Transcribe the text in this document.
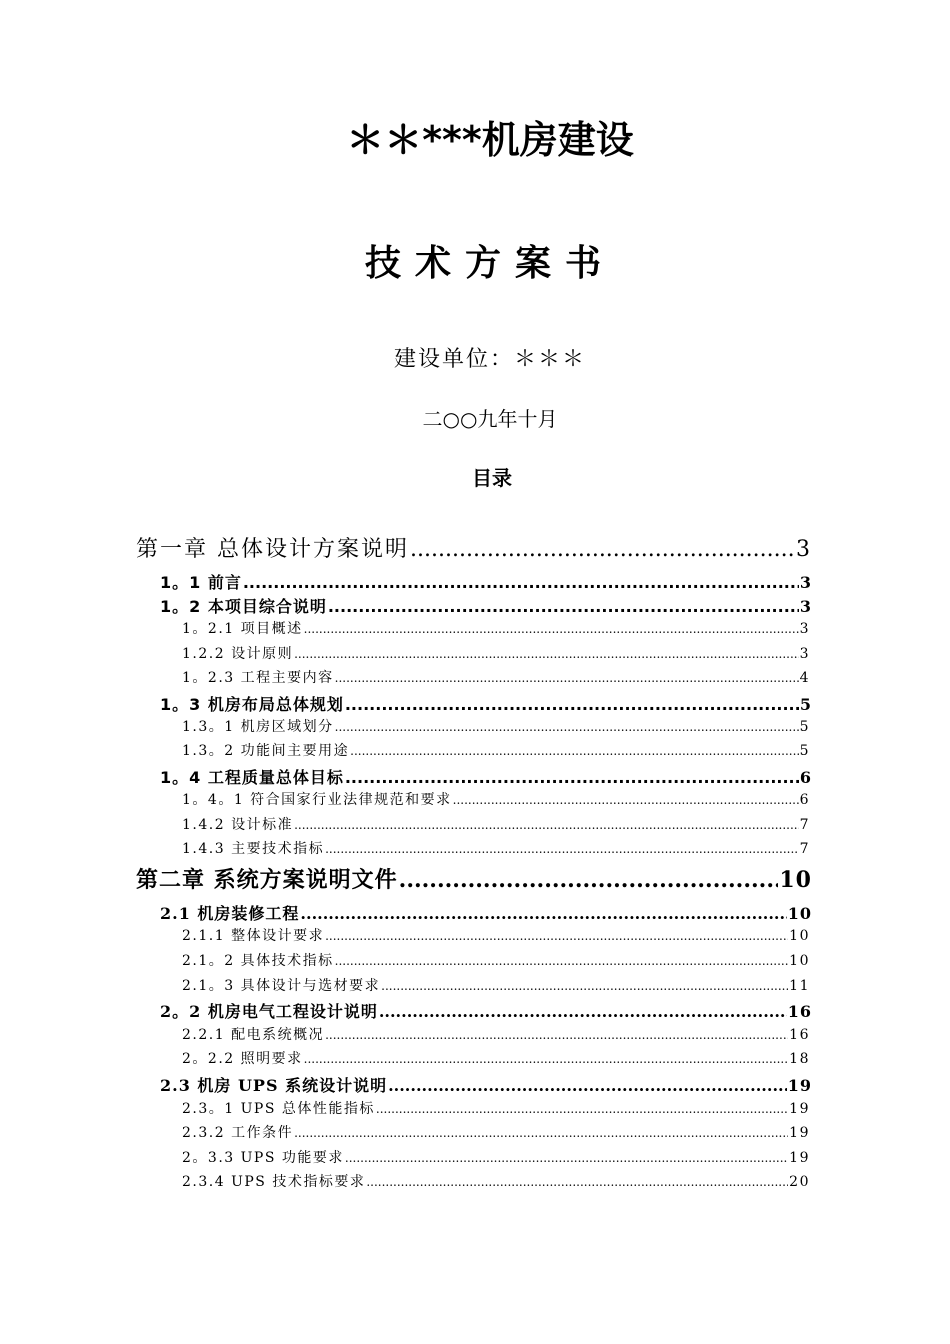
＊＊***机房建设
技术方案书
建设单位：＊＊＊
二○○九年十月
目录
第一章 总体设计方案说明 .....	3
1。1 前言 .....	3
1。2 本项目综合说明 .....	3
1。2.1 项目概述 .....	3
1.2.2 设计原则 .....	3
1。2.3 工程主要内容 .....	4
1。3 机房布局总体规划 .....	5
1.3。1 机房区域划分 .....	5
1.3。2 功能间主要用途 .....	5
1。4 工程质量总体目标 .....	6
1。4。1 符合国家行业法律规范和要求 .....	6
1.4.2 设计标准 .....	7
1.4.3 主要技术指标 .....	7
第二章 系统方案说明文件 .....	10
2.1 机房装修工程 .....	10
2.1.1 整体设计要求 .....	10
2.1。2 具体技术指标 .....	10
2.1。3 具体设计与选材要求 .....	11
2。2 机房电气工程设计说明 .....	16
2.2.1 配电系统概况 .....	16
2。2.2 照明要求 .....	18
2.3 机房 UPS 系统设计说明 .....	19
2.3。1 UPS 总体性能指标 .....	19
2.3.2 工作条件 .....	19
2。3.3 UPS 功能要求 .....	19
2.3.4 UPS 技术指标要求 .....	20
